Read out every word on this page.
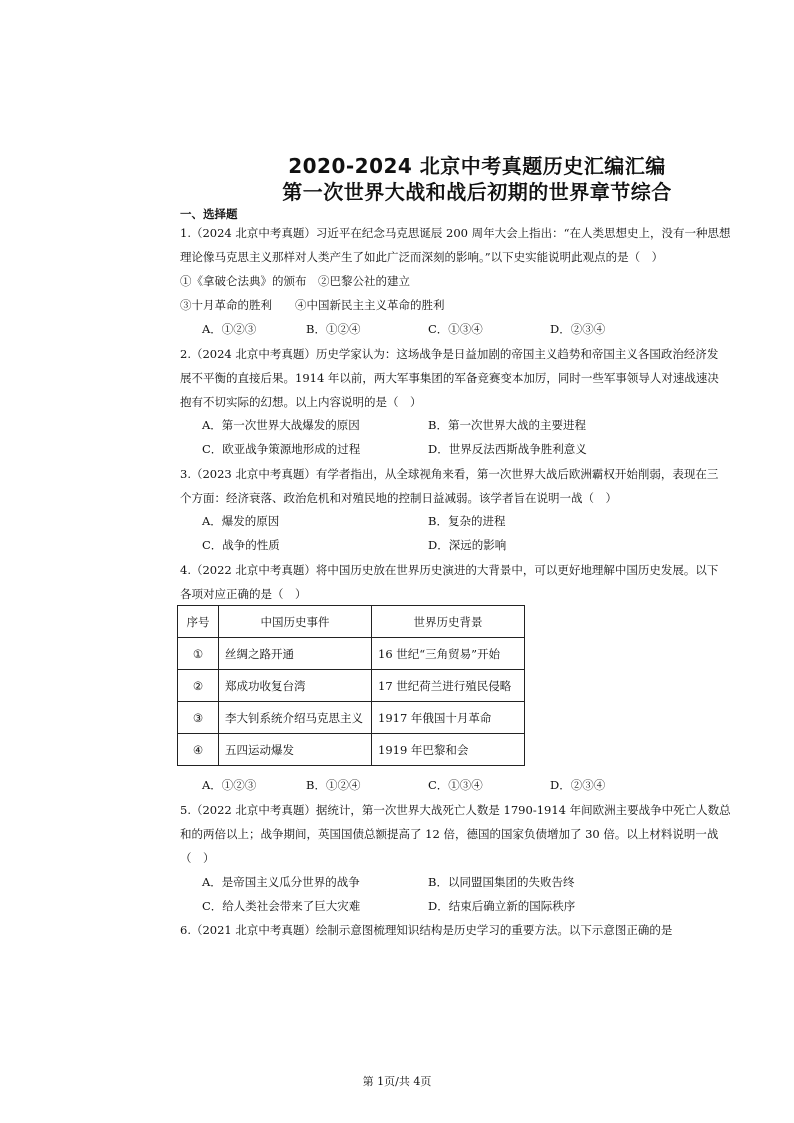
2020-2024 北京中考真题历史汇编汇编
第一次世界大战和战后初期的世界章节综合
一、选择题
1.（2024 北京中考真题）习近平在纪念马克思诞辰 200 周年大会上指出：“在人类思想史上，没有一种思想
理论像马克思主义那样对人类产生了如此广泛而深刻的影响。”以下史实能说明此观点的是（　）
①《拿破仑法典》的颁布　②巴黎公社的建立
③十月革命的胜利　　④中国新民主主义革命的胜利
A．①②③	B．①②④	C．①③④	D．②③④
2.（2024 北京中考真题）历史学家认为：这场战争是日益加剧的帝国主义趋势和帝国主义各国政治经济发
展不平衡的直接后果。1914 年以前，两大军事集团的军备竞赛变本加厉，同时一些军事领导人对速战速决
抱有不切实际的幻想。以上内容说明的是（　）
A．第一次世界大战爆发的原因	B．第一次世界大战的主要进程
C．欧亚战争策源地形成的过程	D．世界反法西斯战争胜利意义
3.（2023 北京中考真题）有学者指出，从全球视角来看，第一次世界大战后欧洲霸权开始削弱，表现在三
个方面：经济衰落、政治危机和对殖民地的控制日益减弱。该学者旨在说明一战（　）
A．爆发的原因	B．复杂的进程
C．战争的性质	D．深远的影响
4.（2022 北京中考真题）将中国历史放在世界历史演进的大背景中，可以更好地理解中国历史发展。以下
各项对应正确的是（　）
序号	中国历史事件	世界历史背景
①	丝绸之路开通	16 世纪“三角贸易”开始
②	郑成功收复台湾	17 世纪荷兰进行殖民侵略
③	李大钊系统介绍马克思主义	1917 年俄国十月革命
④	五四运动爆发	1919 年巴黎和会
A．①②③	B．①②④	C．①③④	D．②③④
5.（2022 北京中考真题）据统计，第一次世界大战死亡人数是 1790-1914 年间欧洲主要战争中死亡人数总
和的两倍以上；战争期间，英国国债总额提高了 12 倍，德国的国家负债增加了 30 倍。以上材料说明一战
（　）
A．是帝国主义瓜分世界的战争	B．以同盟国集团的失败告终
C．给人类社会带来了巨大灾难	D．结束后确立新的国际秩序
6.（2021 北京中考真题）绘制示意图梳理知识结构是历史学习的重要方法。以下示意图正确的是
第 1页/共 4页
